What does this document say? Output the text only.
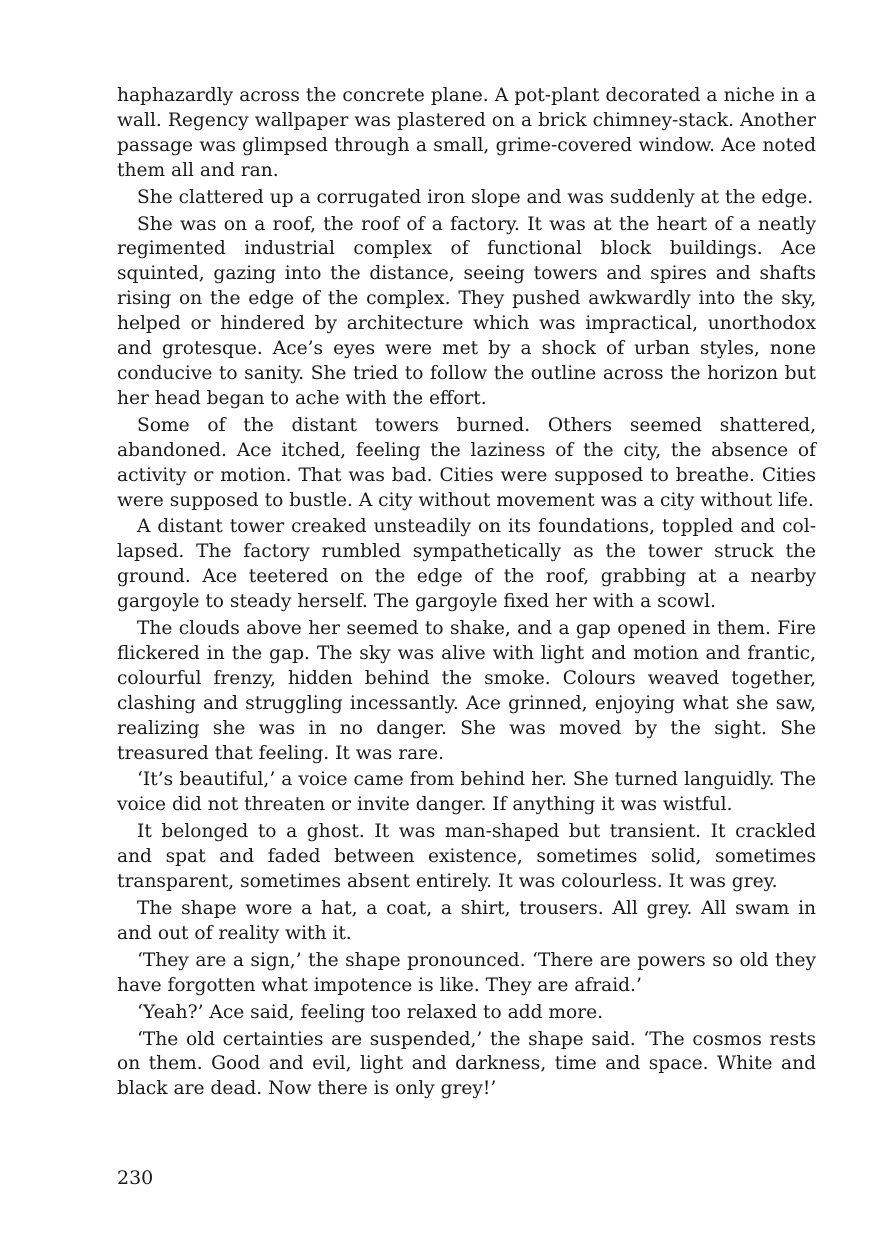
haphazardly across the concrete plane. A pot-plant decorated a niche in a wall. Regency wallpaper was plastered on a brick chimney-stack. Another passage was glimpsed through a small, grime-covered window. Ace noted them all and ran.

She clattered up a corrugated iron slope and was suddenly at the edge.

She was on a roof, the roof of a factory. It was at the heart of a neatly regimented industrial complex of functional block buildings. Ace squinted, gazing into the distance, seeing towers and spires and shafts rising on the edge of the complex. They pushed awkwardly into the sky, helped or hindered by architecture which was impractical, unorthodox and grotesque. Ace’s eyes were met by a shock of urban styles, none conducive to sanity. She tried to follow the outline across the horizon but her head began to ache with the effort.

Some of the distant towers burned. Others seemed shattered, abandoned. Ace itched, feeling the laziness of the city, the absence of activity or motion. That was bad. Cities were supposed to breathe. Cities were supposed to bustle. A city without movement was a city without life.

A distant tower creaked unsteadily on its foundations, toppled and collapsed. The factory rumbled sympathetically as the tower struck the ground. Ace teetered on the edge of the roof, grabbing at a nearby gargoyle to steady herself. The gargoyle fixed her with a scowl.

The clouds above her seemed to shake, and a gap opened in them. Fire flickered in the gap. The sky was alive with light and motion and frantic, colourful frenzy, hidden behind the smoke. Colours weaved together, clashing and struggling incessantly. Ace grinned, enjoying what she saw, realizing she was in no danger. She was moved by the sight. She treasured that feeling. It was rare.

‘It’s beautiful,’ a voice came from behind her. She turned languidly. The voice did not threaten or invite danger. If anything it was wistful.

It belonged to a ghost. It was man-shaped but transient. It crackled and spat and faded between existence, sometimes solid, sometimes transparent, sometimes absent entirely. It was colourless. It was grey.

The shape wore a hat, a coat, a shirt, trousers. All grey. All swam in and out of reality with it.

‘They are a sign,’ the shape pronounced. ‘There are powers so old they have forgotten what impotence is like. They are afraid.’

‘Yeah?’ Ace said, feeling too relaxed to add more.

‘The old certainties are suspended,’ the shape said. ‘The cosmos rests on them. Good and evil, light and darkness, time and space. White and black are dead. Now there is only grey!’

230
